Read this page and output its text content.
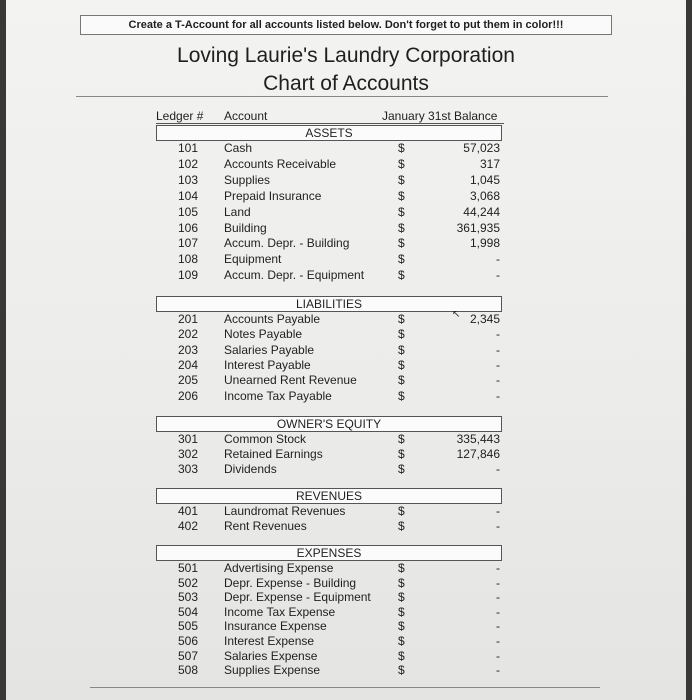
Create a T-Account for all accounts listed below. Don't forget to put them in color!!!
Loving Laurie's Laundry Corporation
Chart of Accounts
Ledger # Account	January 31st Balance
ASSETS
101 Cash	$	57,023
102 Accounts Receivable	$	317
103 Supplies	$	1,045
104 Prepaid Insurance	$	3,068
105 Land	$	44,244
106 Building	$	361,935
107 Accum. Depr. - Building	$	1,998
108 Equipment	$	-
109 Accum. Depr. - Equipment	$	-
LIABILITIES
201 Accounts Payable	$	2,345
202 Notes Payable	$	-
203 Salaries Payable	$	-
204 Interest Payable	$	-
205 Unearned Rent Revenue	$	-
206 Income Tax Payable	$	-
OWNER'S EQUITY
301 Common Stock	$	335,443
302 Retained Earnings	$	127,846
303 Dividends	$	-
REVENUES
401 Laundromat Revenues	$	-
402 Rent Revenues	$	-
EXPENSES
501 Advertising Expense	$	-
502 Depr. Expense - Building	$	-
503 Depr. Expense - Equipment $	-
504 Income Tax Expense	$	-
505 Insurance Expense	$	-
506 Interest Expense	$	-
507 Salaries Expense	$	-
508 Supplies Expense	$	-
↖
